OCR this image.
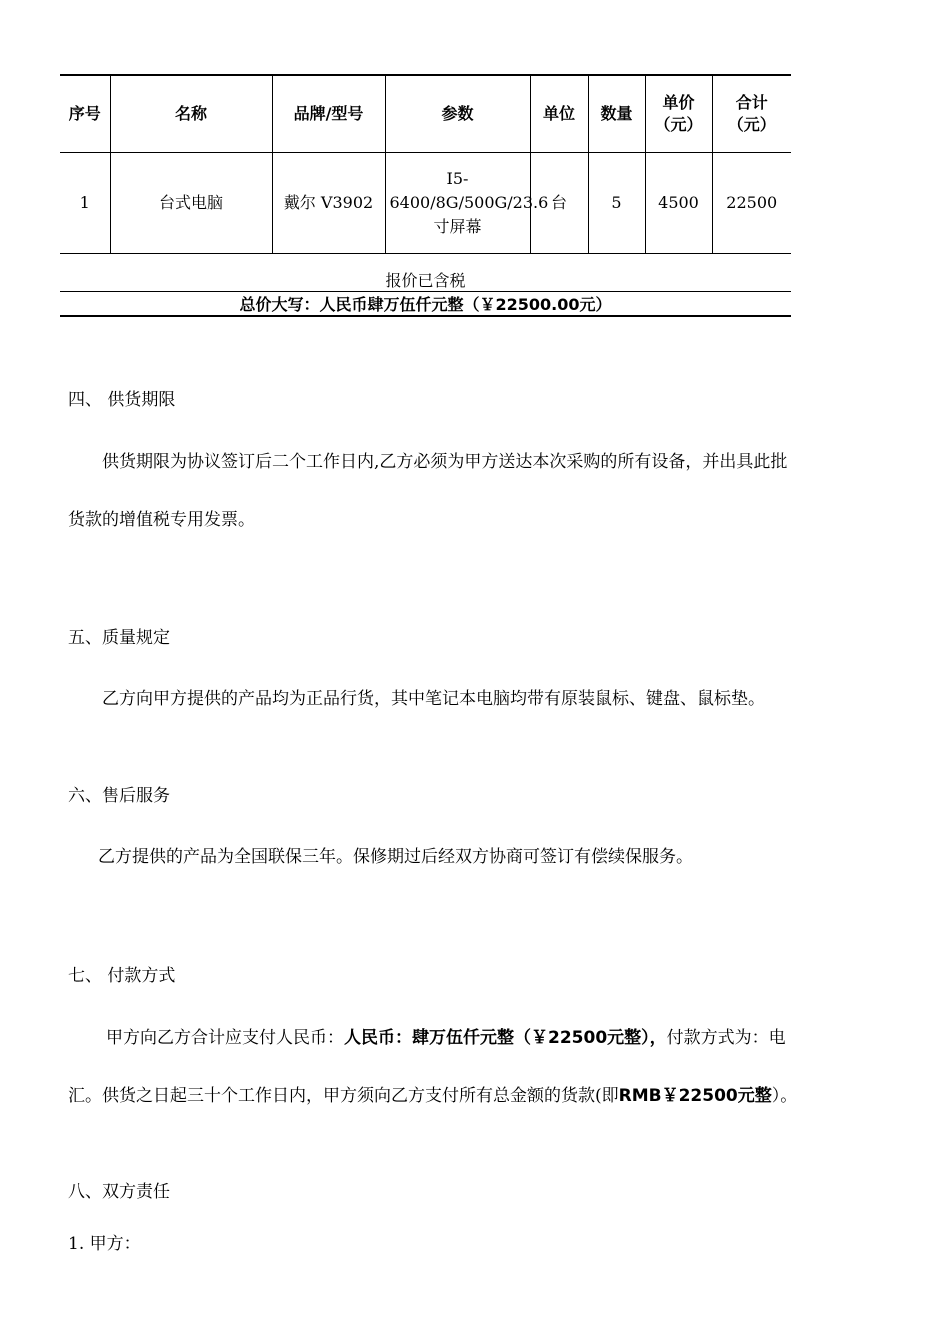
序号	名称	品牌/型号	参数	单位	数量	单价（元）	合计（元）
1	台式电脑	戴尔 V3902	I5-6400/8G/500G/23.6寸屏幕	台	5	4500	22500
报价已含税
总价大写：人民币肆万伍仟元整（￥22500.00元）
四、 供货期限
供货期限为协议签订后二个工作日内,乙方必须为甲方送达本次采购的所有设备，并出具此批
货款的增值税专用发票。
五、质量规定
乙方向甲方提供的产品均为正品行货，其中笔记本电脑均带有原装鼠标、键盘、鼠标垫。
六、售后服务
乙方提供的产品为全国联保三年。保修期过后经双方协商可签订有偿续保服务。
七、 付款方式
甲方向乙方合计应支付人民币：人民币：肆万伍仟元整（￥22500元整），付款方式为：电
汇。供货之日起三十个工作日内，甲方须向乙方支付所有总金额的货款(即RMB￥22500元整）。
八、双方责任
1. 甲方：
